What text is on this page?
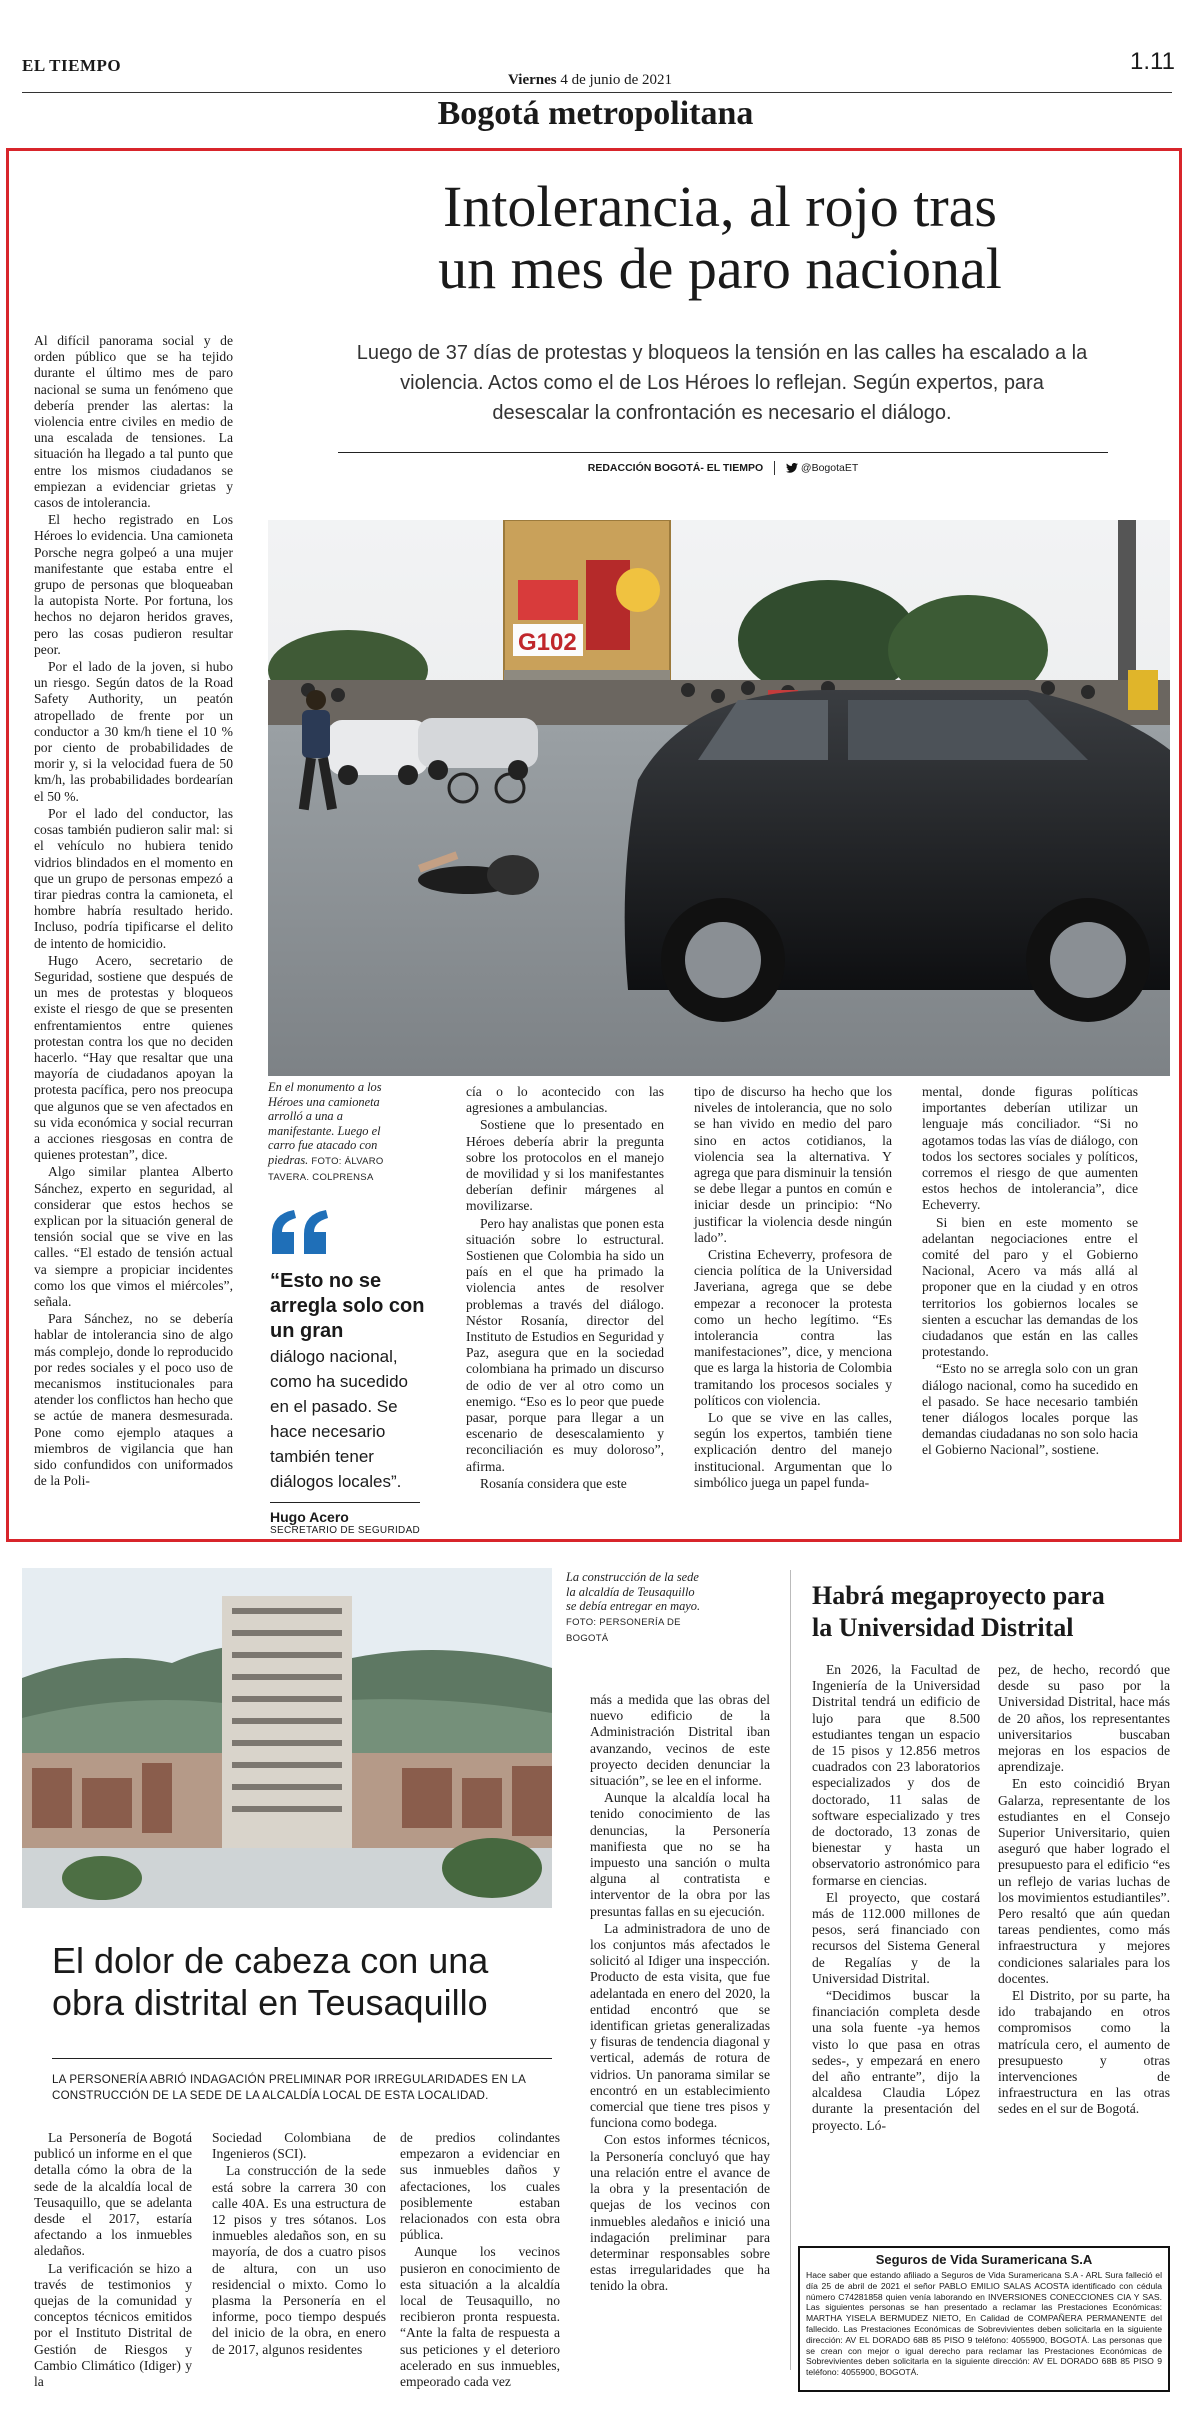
EL TIEMPO
Viernes 4 de junio de 2021
1.11
Bogotá metropolitana
Intolerancia, al rojo tras
un mes de paro nacional
Luego de 37 días de protestas y bloqueos la tensión en las calles ha escalado a la violencia. Actos como el de Los Héroes lo reflejan. Según expertos, para desescalar la confrontación es necesario el diálogo.
REDACCIÓN BOGOTÁ- EL TIEMPO	@BogotaET
G102
En el monumento a los Héroes una camioneta arrolló a una a manifestante. Luego el carro fue atacado con piedras. FOTO: ÁLVARO TAVERA. COLPRENSA

Al difícil panorama social y de orden público que se ha tejido durante el último mes de paro nacional se suma un fenómeno que debería prender las alertas: la violencia entre civiles en medio de una escalada de tensiones. La situación ha llegado a tal punto que entre los mismos ciudadanos se empiezan a evidenciar grietas y casos de intolerancia.

El hecho registrado en Los Héroes lo evidencia. Una camioneta Porsche negra golpeó a una mujer manifestante que estaba entre el grupo de personas que bloqueaban la autopista Norte. Por fortuna, los hechos no dejaron heridos graves, pero las cosas pudieron resultar peor.

Por el lado de la joven, si hubo un riesgo. Según datos de la Road Safety Authority, un peatón atropellado de frente por un conductor a 30 km/h tiene el 10 % por ciento de probabilidades de morir y, si la velocidad fuera de 50 km/h, las probabilidades bordearían el 50 %.

Por el lado del conductor, las cosas también pudieron salir mal: si el vehículo no hubiera tenido vidrios blindados en el momento en que un grupo de personas empezó a tirar piedras contra la camioneta, el hombre habría resultado herido. Incluso, podría tipificarse el delito de intento de homicidio.

Hugo Acero, secretario de Seguridad, sostiene que después de un mes de protestas y bloqueos existe el riesgo de que se presenten enfrentamientos entre quienes protestan contra los que no deciden hacerlo. “Hay que resaltar que una mayoría de ciudadanos apoyan la protesta pacífica, pero nos preocupa que algunos que se ven afectados en su vida económica y social recurran a acciones riesgosas en contra de quienes protestan”, dice.

Algo similar plantea Alberto Sánchez, experto en seguridad, al considerar que estos hechos se explican por la situación general de tensión social que se vive en las calles. “El estado de tensión actual va siempre a propiciar incidentes como los que vimos el miércoles”, señala.

Para Sánchez, no se debería hablar de intolerancia sino de algo más complejo, donde lo reproducido por redes sociales y el poco uso de mecanismos institucionales para atender los conflictos han hecho que se actúe de manera desmesurada. Pone como ejemplo ataques a miembros de vigilancia que han sido confundidos con uniformados de la Poli-

“Esto no se arregla solo con un gran
diálogo nacional, como ha sucedido en el pasado. Se hace necesario también tener diálogos locales”.
Hugo Acero
SECRETARIO DE SEGURIDAD

cía o lo acontecido con las agresiones a ambulancias.

Sostiene que lo presentado en Héroes debería abrir la pregunta sobre los protocolos en el manejo de movilidad y si los manifestantes deberían definir márgenes al movilizarse.

Pero hay analistas que ponen esta situación sobre lo estructural. Sostienen que Colombia ha sido un país en el que ha primado la violencia antes de resolver problemas a través del diálogo. Néstor Rosanía, director del Instituto de Estudios en Seguridad y Paz, asegura que en la sociedad colombiana ha primado un discurso de odio de ver al otro como un enemigo. “Eso es lo peor que puede pasar, porque para llegar a un escenario de desescalamiento y reconciliación es muy doloroso”, afirma.

Rosanía considera que este

tipo de discurso ha hecho que los niveles de intolerancia, que no solo se han vivido en medio del paro sino en actos cotidianos, la violencia sea la alternativa. Y agrega que para disminuir la tensión se debe llegar a puntos en común e iniciar desde un principio: “No justificar la violencia desde ningún lado”.

Cristina Echeverry, profesora de ciencia política de la Universidad Javeriana, agrega que se debe empezar a reconocer la protesta como un hecho legítimo. “Es intolerancia contra las manifestaciones”, dice, y menciona que es larga la historia de Colombia tramitando los procesos sociales y políticos con violencia.

Lo que se vive en las calles, según los expertos, también tiene explicación dentro del manejo institucional. Argumentan que lo simbólico juega un papel funda-

mental, donde figuras políticas importantes deberían utilizar un lenguaje más conciliador. “Si no agotamos todas las vías de diálogo, con todos los sectores sociales y políticos, corremos el riesgo de que aumenten estos hechos de intolerancia”, dice Echeverry.

Si bien en este momento se adelantan negociaciones entre el comité del paro y el Gobierno Nacional, Acero va más allá al proponer que en la ciudad y en otros territorios los gobiernos locales se sienten a escuchar las demandas de los ciudadanos que están en las calles protestando.

“Esto no se arregla solo con un gran diálogo nacional, como ha sucedido en el pasado. Se hace necesario también tener diálogos locales porque las demandas ciudadanas no son solo hacia el Gobierno Nacional”, sostiene.

La construcción de la sede la alcaldía de Teusaquillo se debía entregar en mayo.
FOTO: PERSONERÍA DE BOGOTÁ
El dolor de cabeza con una
obra distrital en Teusaquillo
LA PERSONERÍA ABRIÓ INDAGACIÓN PRELIMINAR POR IRREGULARIDADES EN LA CONSTRUCCIÓN DE LA SEDE DE LA ALCALDÍA LOCAL DE ESTA LOCALIDAD.

La Personería de Bogotá publicó un informe en el que detalla cómo la obra de la sede de la alcaldía local de Teusaquillo, que se adelanta desde el 2017, estaría afectando a los inmuebles aledaños.

La verificación se hizo a través de testimonios y quejas de la comunidad y conceptos técnicos emitidos por el Instituto Distrital de Gestión de Riesgos y Cambio Climático (Idiger) y la

Sociedad Colombiana de Ingenieros (SCI).

La construcción de la sede está sobre la carrera 30 con calle 40A. Es una estructura de 12 pisos y tres sótanos. Los inmuebles aledaños son, en su mayoría, de dos a cuatro pisos de altura, con un uso residencial o mixto. Como lo plasma la Personería en el informe, poco tiempo después del inicio de la obra, en enero de 2017, algunos residentes

de predios colindantes empezaron a evidenciar en sus inmuebles daños y afectaciones, los cuales posiblemente estaban relacionados con esta obra pública.

Aunque los vecinos pusieron en conocimiento de esta situación a la alcaldía local de Teusaquillo, no recibieron pronta respuesta. “Ante la falta de respuesta a sus peticiones y el deterioro acelerado en sus inmuebles, empeorado cada vez

más a medida que las obras del nuevo edificio de la Administración Distrital iban avanzando, vecinos de este proyecto deciden denunciar la situación”, se lee en el informe.

Aunque la alcaldía local ha tenido conocimiento de las denuncias, la Personería manifiesta que no se ha impuesto una sanción o multa alguna al contratista e interventor de la obra por las presuntas fallas en su ejecución.

La administradora de uno de los conjuntos más afectados le solicitó al Idiger una inspección. Producto de esta visita, que fue adelantada en enero del 2020, la entidad encontró que se identifican grietas generalizadas y fisuras de tendencia diagonal y vertical, además de rotura de vidrios. Un panorama similar se encontró en un establecimiento comercial que tiene tres pisos y funciona como bodega.

Con estos informes técnicos, la Personería concluyó que hay una relación entre el avance de la obra y la presentación de quejas de los vecinos con inmuebles aledaños e inició una indagación preliminar para determinar responsables sobre estas irregularidades que ha tenido la obra.

Habrá megaproyecto para
la Universidad Distrital

En 2026, la Facultad de Ingeniería de la Universidad Distrital tendrá un edificio de lujo para que 8.500 estudiantes tengan un espacio de 15 pisos y 12.856 metros cuadrados con 23 laboratorios especializados y dos de doctorado, 11 salas de software especializado y tres de doctorado, 13 zonas de bienestar y hasta un observatorio astronómico para formarse en ciencias.

El proyecto, que costará más de 112.000 millones de pesos, será financiado con recursos del Sistema General de Regalías y de la Universidad Distrital.

“Decidimos buscar la financiación completa desde una sola fuente -ya hemos visto lo que pasa en otras sedes-, y empezará en enero del año entrante”, dijo la alcaldesa Claudia López durante la presentación del proyecto. Ló-

pez, de hecho, recordó que desde su paso por la Universidad Distrital, hace más de 20 años, los representantes universitarios buscaban mejoras en los espacios de aprendizaje.

En esto coincidió Bryan Galarza, representante de los estudiantes en el Consejo Superior Universitario, quien aseguró que haber logrado el presupuesto para el edificio “es un reflejo de varias luchas de los movimientos estudiantiles”. Pero resaltó que aún quedan tareas pendientes, como más infraestructura y mejores condiciones salariales para los docentes.

El Distrito, por su parte, ha ido trabajando en otros compromisos como la matrícula cero, el aumento de presupuesto y otras intervenciones de infraestructura en las otras sedes en el sur de Bogotá.

Seguros de Vida Suramericana S.A
Hace saber que estando afiliado a Seguros de Vida Suramericana S.A - ARL Sura falleció el día 25 de abril de 2021 el señor PABLO EMILIO SALAS ACOSTA identificado con cédula número C74281858 quien venía laborando en INVERSIONES CONECCIONES CIA Y SAS. Las siguientes personas se han presentado a reclamar las Prestaciones Económicas: MARTHA YISELA BERMUDEZ NIETO, En Calidad de COMPAÑERA PERMANENTE del fallecido. Las Prestaciones Económicas de Sobrevivientes deben solicitarla en la siguiente dirección: AV EL DORADO 68B 85 PISO 9 teléfono: 4055900, BOGOTÁ. Las personas que se crean con mejor o igual derecho para reclamar las Prestaciones Económicas de Sobrevivientes deben solicitarla en la siguiente dirección: AV EL DORADO 68B 85 PISO 9 teléfono: 4055900, BOGOTÁ.
